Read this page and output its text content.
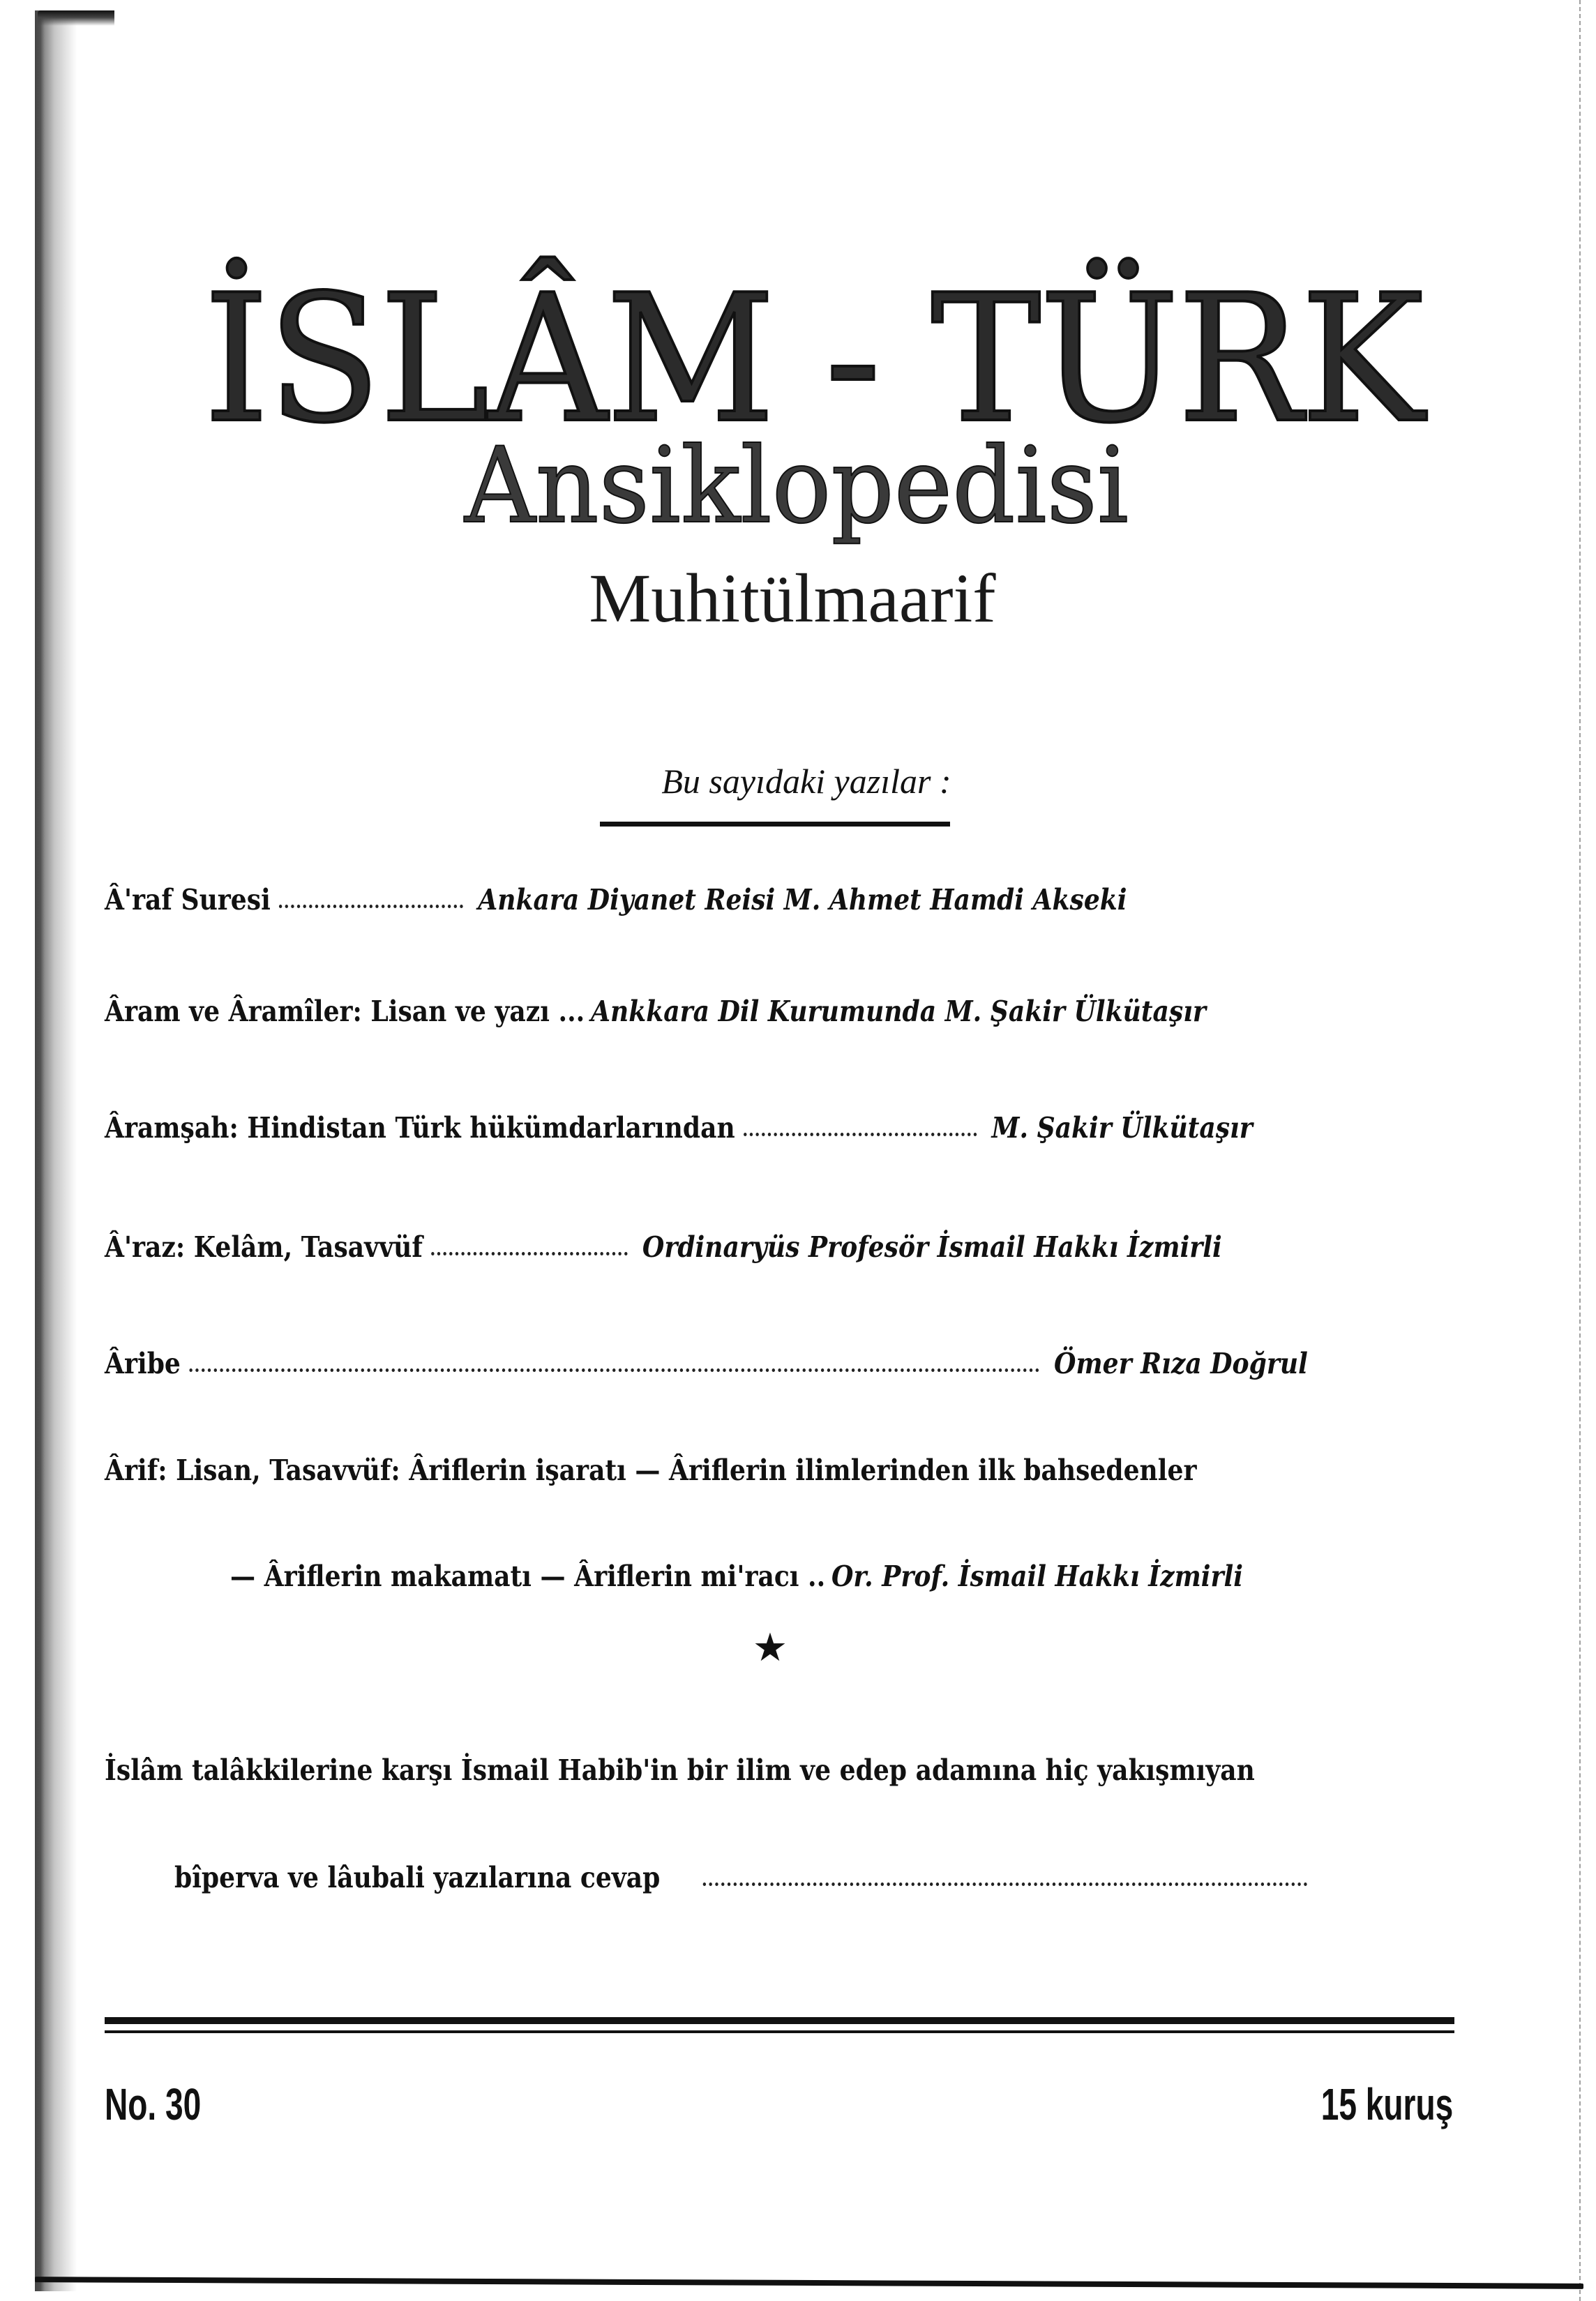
İSLÂM - TÜRK
Ansiklopedisi
Muhitülmaarif
Bu sayıdaki yazılar :
Â'raf Suresi	Ankara Diyanet Reisi M. Ahmet Hamdi Akseki
Âram ve Âramîler: Lisan ve yazı ... Ankkara Dil Kurumunda M. Şakir Ülkütaşır
Âramşah: Hindistan Türk hükümdarlarından	M. Şakir Ülkütaşır
Â'raz: Kelâm, Tasavvüf	Ordinaryüs Profesör İsmail Hakkı İzmirli
Âribe	Ömer Rıza Doğrul
Ârif: Lisan, Tasavvüf: Âriflerin işaratı — Âriflerin ilimlerinden ilk bahsedenler
— Âriflerin makamatı — Âriflerin mi'racı .. Or. Prof. İsmail Hakkı İzmirli
★
İslâm talâkkilerine karşı İsmail Habib'in bir ilim ve edep adamına hiç yakışmıyan
bîperva ve lâubali yazılarına cevap
No. 30	15 kuruş
